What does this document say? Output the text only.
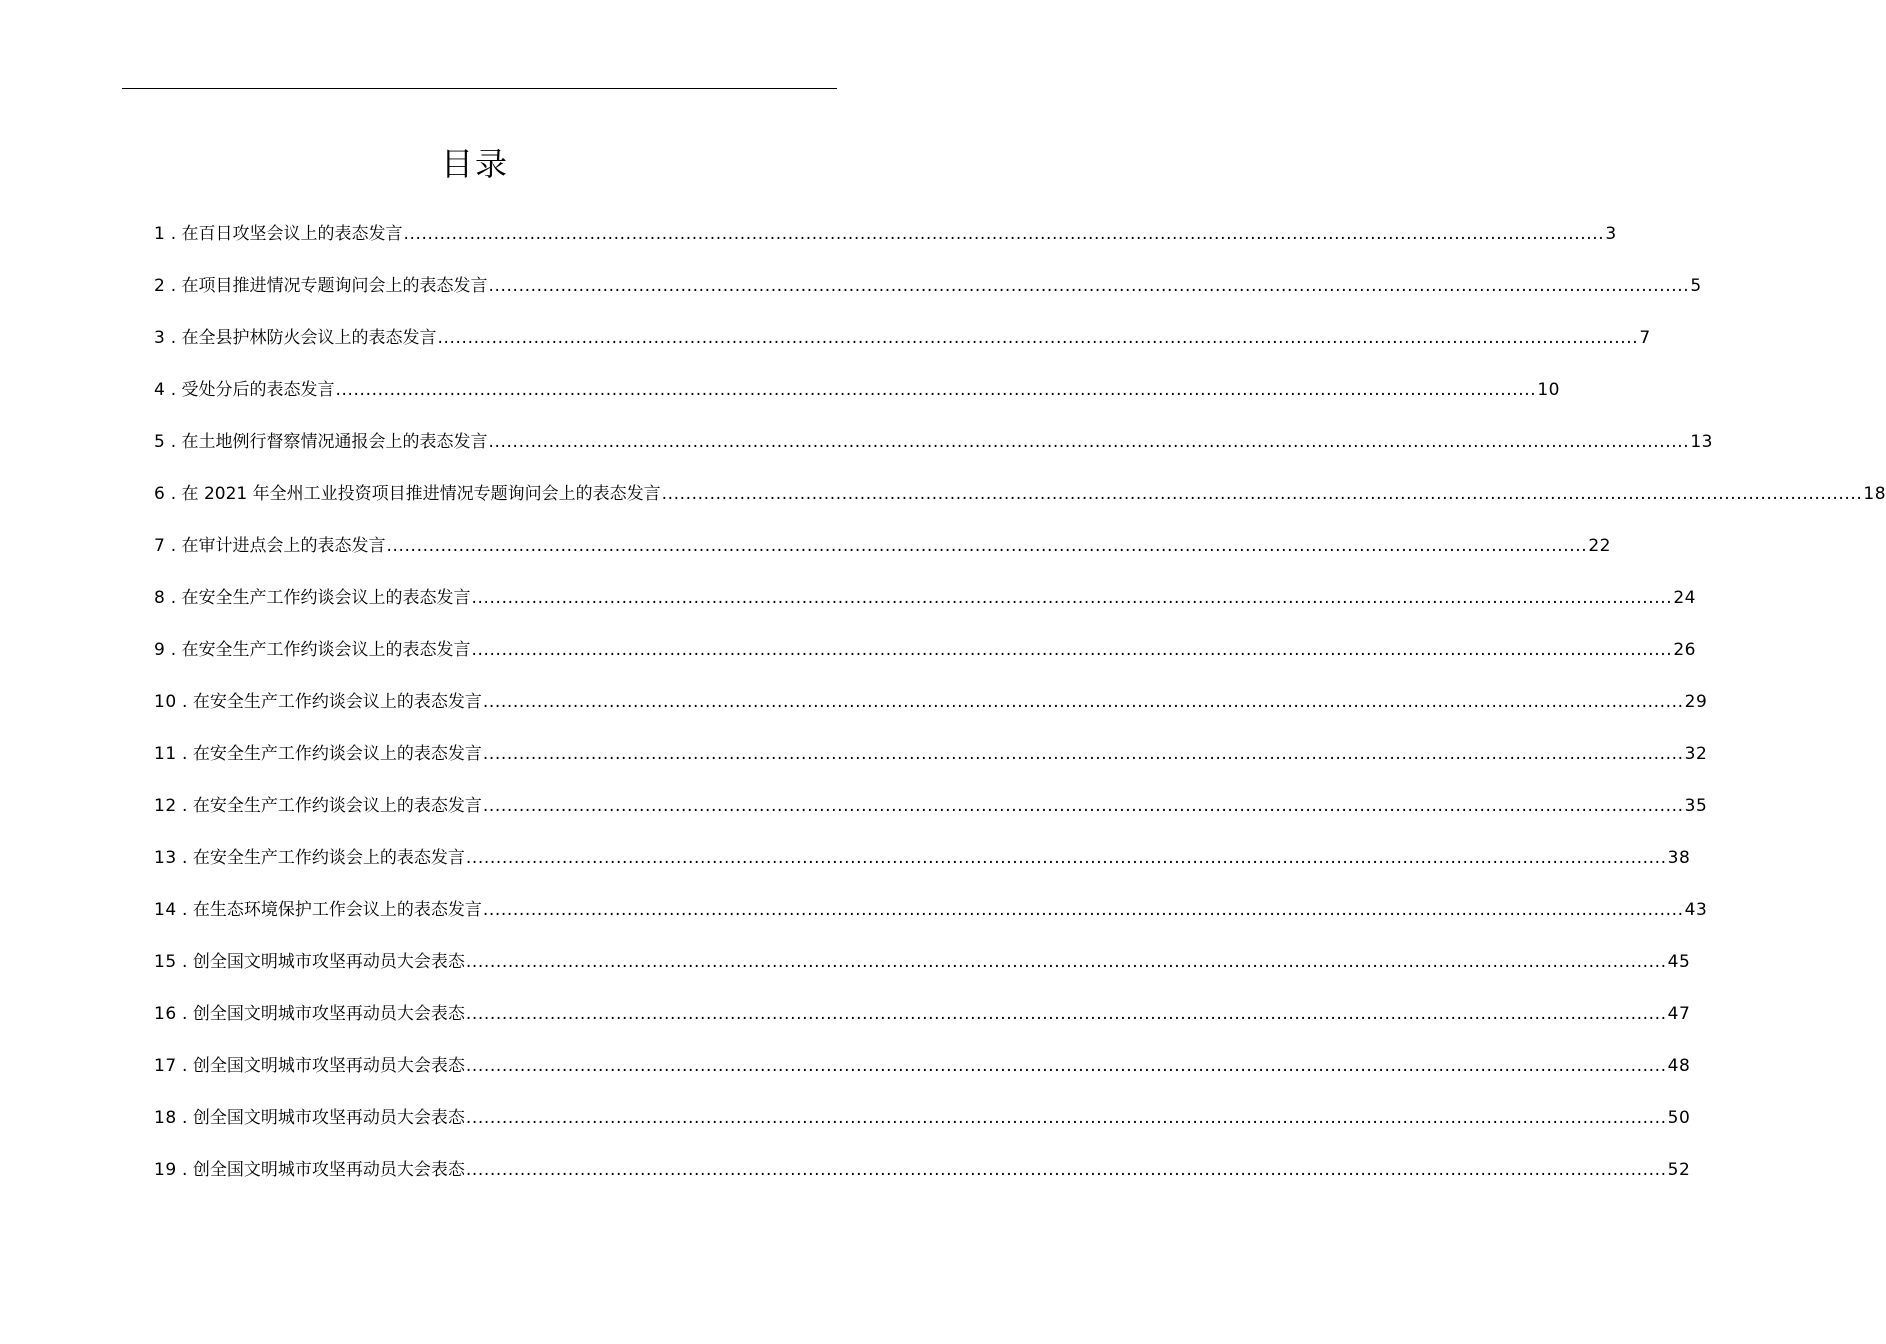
目录
1 . 在百日攻坚会议上的表态发言 ........................................................................................................................................................................................................ 3
2 . 在项目推进情况专题询问会上的表态发言 ........................................................................................................................................................................................................ 5
3 . 在全县护林防火会议上的表态发言 ........................................................................................................................................................................................................ 7
4 . 受处分后的表态发言 ........................................................................................................................................................................................................ 10
5 . 在土地例行督察情况通报会上的表态发言 ........................................................................................................................................................................................................ 13
6 . 在 2021 年全州工业投资项目推进情况专题询问会上的表态发言 ........................................................................................................................................................................................................ 18
7 . 在审计进点会上的表态发言 ........................................................................................................................................................................................................ 22
8 . 在安全生产工作约谈会议上的表态发言 ........................................................................................................................................................................................................ 24
9 . 在安全生产工作约谈会议上的表态发言 ........................................................................................................................................................................................................ 26
10 . 在安全生产工作约谈会议上的表态发言 ........................................................................................................................................................................................................ 29
11 . 在安全生产工作约谈会议上的表态发言 ........................................................................................................................................................................................................ 32
12 . 在安全生产工作约谈会议上的表态发言 ........................................................................................................................................................................................................ 35
13 . 在安全生产工作约谈会上的表态发言 ........................................................................................................................................................................................................ 38
14 . 在生态环境保护工作会议上的表态发言 ........................................................................................................................................................................................................ 43
15 . 创全国文明城市攻坚再动员大会表态 ........................................................................................................................................................................................................ 45
16 . 创全国文明城市攻坚再动员大会表态 ........................................................................................................................................................................................................ 47
17 . 创全国文明城市攻坚再动员大会表态 ........................................................................................................................................................................................................ 48
18 . 创全国文明城市攻坚再动员大会表态 ........................................................................................................................................................................................................ 50
19 . 创全国文明城市攻坚再动员大会表态 ........................................................................................................................................................................................................ 52
